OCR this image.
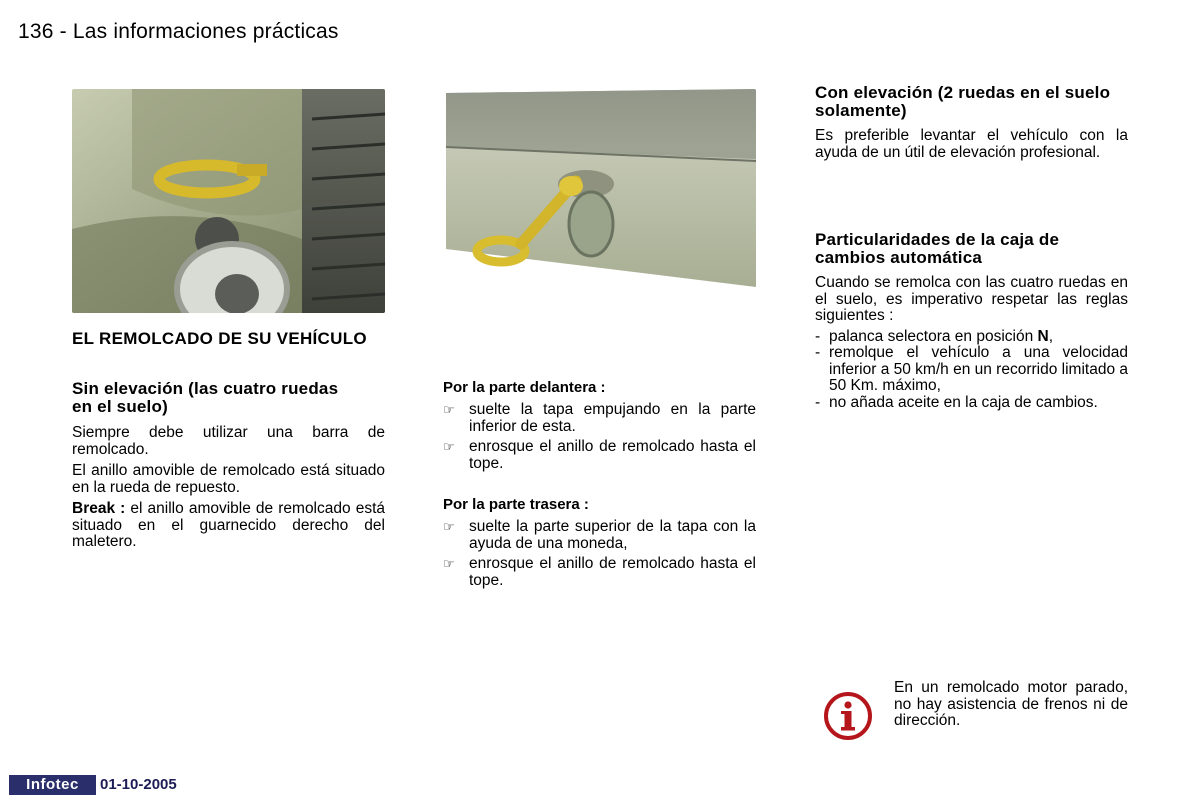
136 - Las informaciones prácticas
EL REMOLCADO DE SU VEHÍCULO
Sin elevación (las cuatro ruedas en el suelo)

Siempre debe utilizar una barra de remolcado.

El anillo amovible de remolcado está situado en la rueda de repuesto.

Break : el anillo amovible de remolcado está situado en el guarnecido derecho del maletero.

Por la parte delantera :
☞ suelte la tapa empujando en la parte inferior de esta.
☞ enrosque el anillo de remolcado hasta el tope.
Por la parte trasera :
☞ suelte la parte superior de la tapa con la ayuda de una moneda,
☞ enrosque el anillo de remolcado hasta el tope.
Con elevación (2 ruedas en el suelo solamente)
Es preferible levantar el vehículo con la ayuda de un útil de elevación profesional.
Particularidades de la caja de cambios automática

Cuando se remolca con las cuatro ruedas en el suelo, es imperativo respetar las reglas siguientes :

- palanca selectora en posición N,
- remolque el vehículo a una velocidad inferior a 50 km/h en un recorrido limitado a 50 Km. máximo,
- no añada aceite en la caja de cambios.
En un remolcado motor parado, no hay asistencia de frenos ni de dirección.
Infotec	01-10-2005
